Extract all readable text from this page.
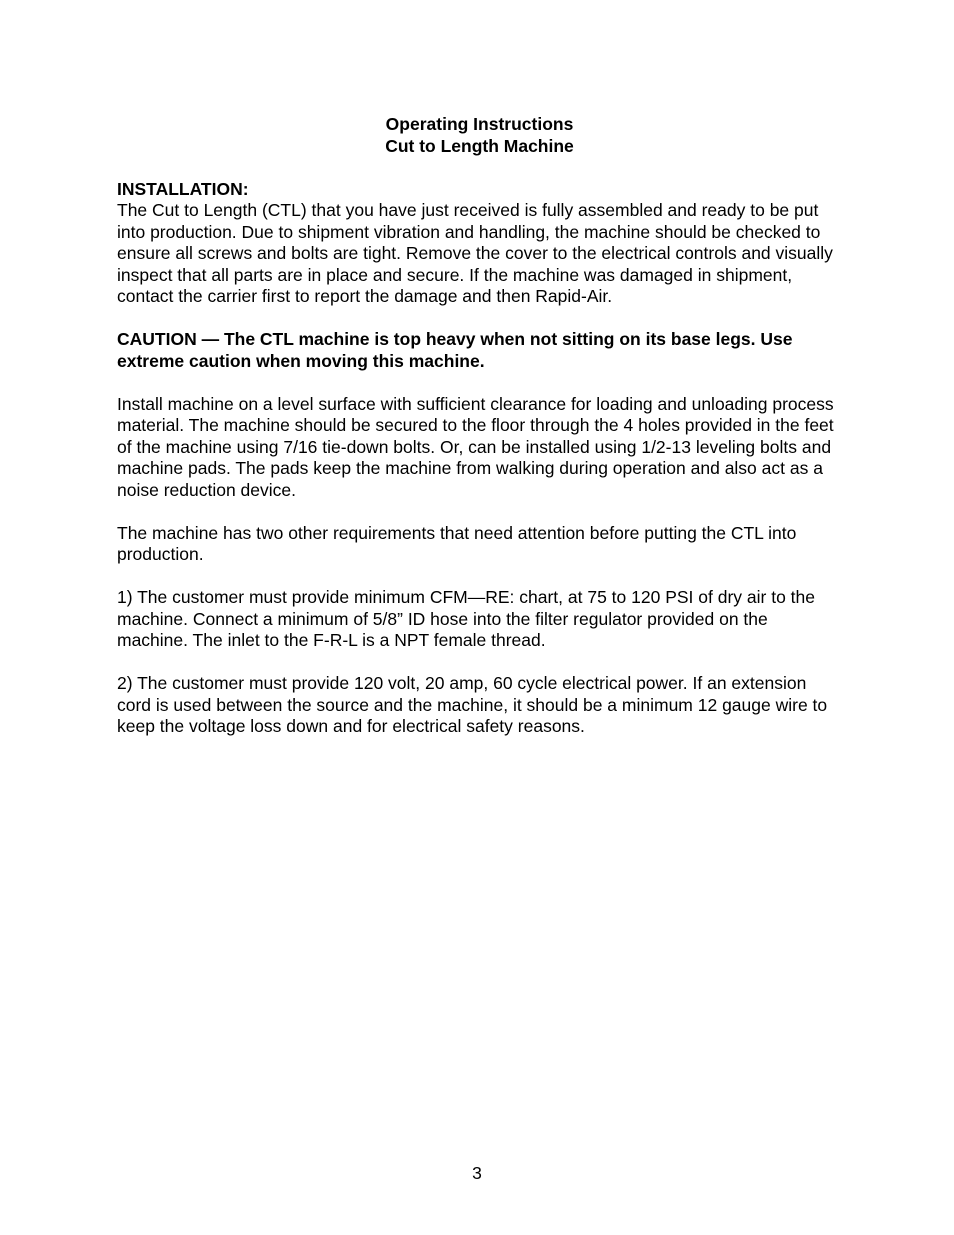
Operating Instructions

Cut to Length Machine

INSTALLATION:

The Cut to Length (CTL) that you have just received is fully assembled and ready to be put into production. Due to shipment vibration and handling, the machine should be checked to ensure all screws and bolts are tight. Remove the cover to the electrical controls and visually inspect that all parts are in place and secure. If the machine was damaged in shipment, contact the carrier first to report the damage and then Rapid-Air.

CAUTION — The CTL machine is top heavy when not sitting on its base legs. Use extreme caution when moving this machine.

Install machine on a level surface with sufficient clearance for loading and unloading process material. The machine should be secured to the floor through the 4 holes provided in the feet of the machine using 7/16 tie-down bolts. Or, can be installed using 1/2-13 leveling bolts and machine pads. The pads keep the machine from walking during operation and also act as a noise reduction device.

The machine has two other requirements that need attention before putting the CTL into production.

1) The customer must provide minimum CFM—RE: chart, at 75 to 120 PSI of dry air to the machine. Connect a minimum of 5/8” ID hose into the filter regulator provided on the machine. The inlet to the F-R-L is a NPT female thread.

2) The customer must provide 120 volt, 20 amp, 60 cycle electrical power. If an extension cord is used between the source and the machine, it should be a minimum 12 gauge wire to keep the voltage loss down and for electrical safety reasons.

3
